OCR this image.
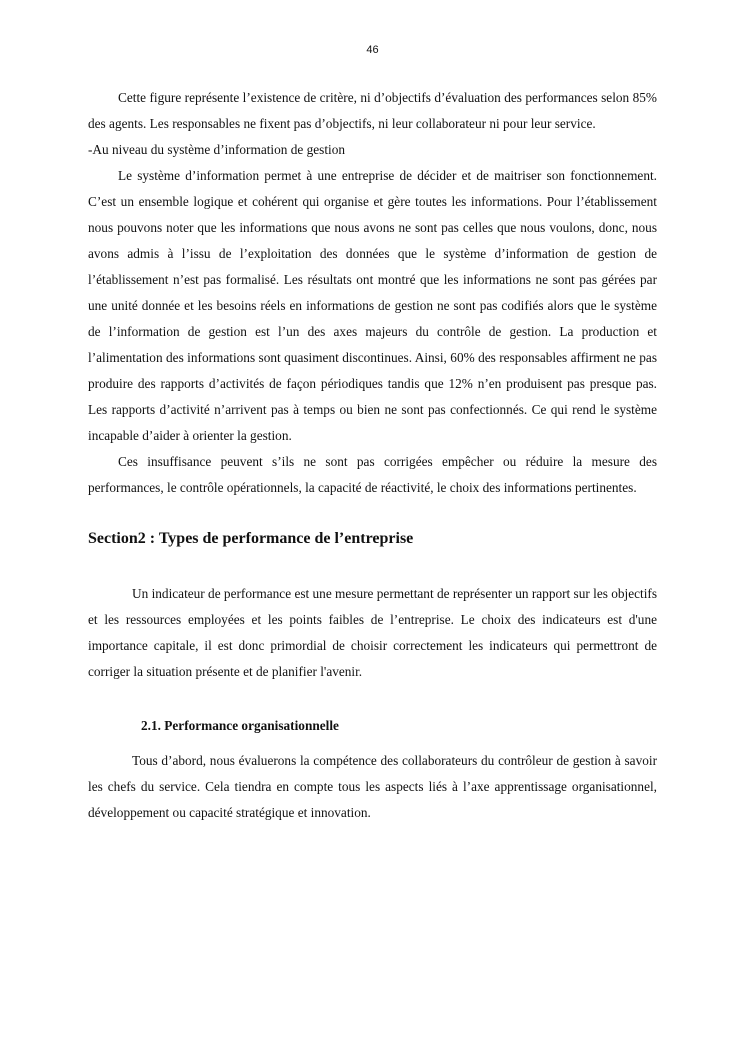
46

Cette figure représente l’existence de critère, ni d’objectifs d’évaluation des performances selon 85% des agents. Les responsables ne fixent pas d’objectifs, ni leur collaborateur ni pour leur service.

-Au niveau du système d’information de gestion

Le système d’information permet à une entreprise de décider et de maitriser son fonctionnement. C’est un ensemble logique et cohérent qui organise et gère toutes les informations. Pour l’établissement nous pouvons noter que les informations que nous avons ne sont pas celles que nous voulons, donc, nous avons admis à l’issu de l’exploitation des données que le système d’information de gestion de l’établissement n’est pas formalisé. Les résultats ont montré que les informations ne sont pas gérées par une unité donnée et les besoins réels en informations de gestion ne sont pas codifiés alors que le système de l’information de gestion est l’un des axes majeurs du contrôle de gestion. La production et l’alimentation des informations sont quasiment discontinues. Ainsi, 60% des responsables affirment ne pas produire des rapports d’activités de façon périodiques tandis que 12% n’en produisent pas presque pas. Les rapports d’activité n’arrivent pas à temps ou bien ne sont pas confectionnés. Ce qui rend le système incapable d’aider à orienter la gestion.

Ces insuffisance peuvent s’ils ne sont pas corrigées empêcher ou réduire la mesure des performances, le contrôle opérationnels, la capacité de réactivité, le choix des informations pertinentes.

Section2 : Types de performance de l’entreprise

Un indicateur de performance est une mesure permettant de représenter un rapport sur les objectifs et les ressources employées et les points faibles de l’entreprise. Le choix des indicateurs est d'une importance capitale, il est donc primordial de choisir correctement les indicateurs qui permettront de corriger la situation présente et de planifier l'avenir.

2.1. Performance organisationnelle

Tous d’abord, nous évaluerons la compétence des collaborateurs du contrôleur de gestion à savoir les chefs du service. Cela tiendra en compte tous les aspects liés à l’axe apprentissage organisationnel, développement ou capacité stratégique et innovation.
